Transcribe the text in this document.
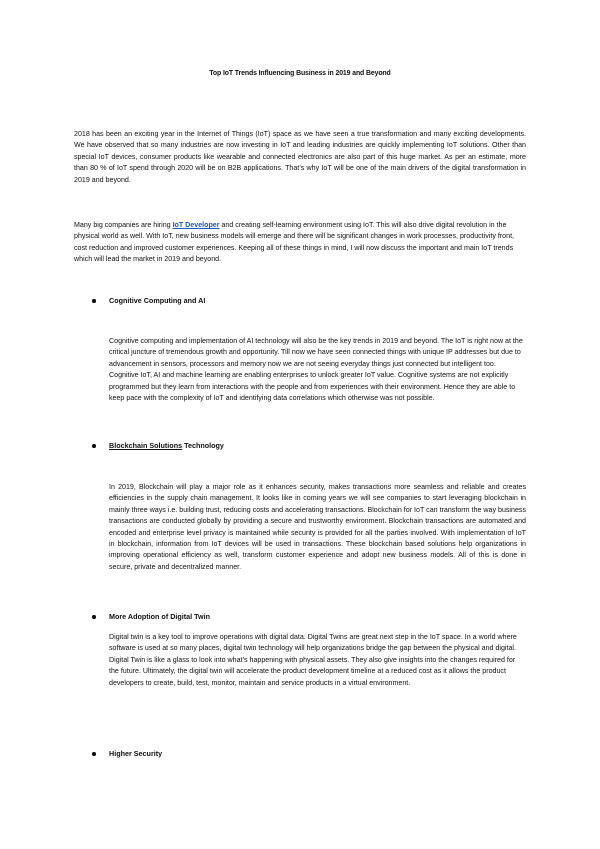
Top IoT Trends Influencing Business in 2019 and Beyond

2018 has been an exciting year in the Internet of Things (IoT) space as we have seen a true transformation and many exciting developments. We have observed that so many industries are now investing in IoT and leading industries are quickly implementing IoT solutions. Other than special IoT devices, consumer products like wearable and connected electronics are also part of this huge market. As per an estimate, more than 80 % of IoT spend through 2020 will be on B2B applications. That’s why IoT will be one of the main drivers of the digital transformation in 2019 and beyond.

Many big companies are hiring IoT Developer and creating self-learning environment using IoT. This will also drive digital revolution in the physical world as well. With IoT, new business models will emerge and there will be significant changes in work processes, productivity front, cost reduction and improved customer experiences. Keeping all of these things in mind, I will now discuss the important and main IoT trends which will lead the market in 2019 and beyond.

Cognitive Computing and AI

Cognitive computing and implementation of AI technology will also be the key trends in 2019 and beyond. The IoT is right now at the critical juncture of tremendous growth and opportunity. Till now we have seen connected things with unique IP addresses but due to advancement in sensors, processors and memory now we are not seeing everyday things just connected but intelligent too. Cognitive IoT, AI and machine learning are enabling enterprises to unlock greater IoT value. Cognitive systems are not explicitly programmed but they learn from interactions with the people and from experiences with their environment. Hence they are able to keep pace with the complexity of IoT and identifying data correlations which otherwise was not possible.

Blockchain Solutions Technology

In 2019, Blockchain will play a major role as it enhances security, makes transactions more seamless and reliable and creates efficiencies in the supply chain management. It looks like in coming years we will see companies to start leveraging blockchain in mainly three ways i.e. building trust, reducing costs and accelerating transactions. Blockchain for IoT can transform the way business transactions are conducted globally by providing a secure and trustworthy environment. Blockchain transactions are automated and encoded and enterprise level privacy is maintained while security is provided for all the parties involved. With implementation of IoT in blockchain, information from IoT devices will be used in transactions. These blockchain based solutions help organizations in improving operational efficiency as well, transform customer experience and adopt new business models. All of this is done in secure, private and decentralized manner.

More Adoption of Digital Twin

Digital twin is a key tool to improve operations with digital data. Digital Twins are great next step in the IoT space. In a world where software is used at so many places, digital twin technology will help organizations bridge the gap between the physical and digital. Digital Twin is like a glass to look into what’s happening with physical assets. They also give insights into the changes required for the future. Ultimately, the digital twin will accelerate the product development timeline at a reduced cost as it allows the product developers to create, build, test, monitor, maintain and service products in a virtual environment.

Higher Security
